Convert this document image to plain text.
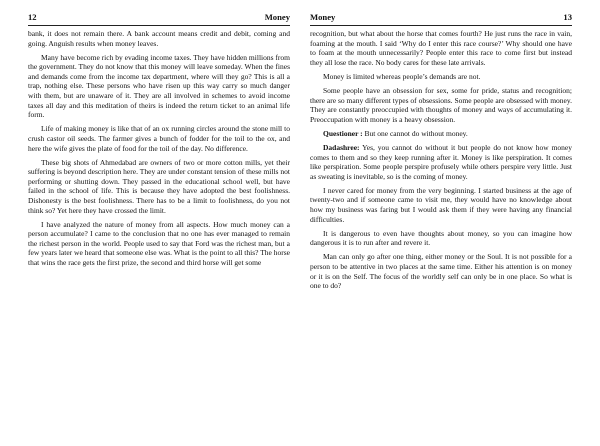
12	Money

bank, it does not remain there. A bank account means credit and debit, coming and going. Anguish results when money leaves.

Many have become rich by evading income taxes. They have hidden millions from the government. They do not know that this money will leave someday. When the fines and demands come from the income tax department, where will they go? This is all a trap, nothing else. These persons who have risen up this way carry so much danger with them, but are unaware of it. They are all involved in schemes to avoid income taxes all day and this meditation of theirs is indeed the return ticket to an animal life form.

Life of making money is like that of an ox running circles around the stone mill to crush castor oil seeds. The farmer gives a bunch of fodder for the toil to the ox, and here the wife gives the plate of food for the toil of the day. No difference.

These big shots of Ahmedabad are owners of two or more cotton mills, yet their suffering is beyond description here. They are under constant tension of these mills not performing or shutting down. They passed in the educational school well, but have failed in the school of life. This is because they have adopted the best foolishness. Dishonesty is the best foolishness. There has to be a limit to foolishness, do you not think so? Yet here they have crossed the limit.

I have analyzed the nature of money from all aspects. How much money can a person accumulate? I came to the conclusion that no one has ever managed to remain the richest person in the world. People used to say that Ford was the richest man, but a few years later we heard that someone else was. What is the point to all this? The horse that wins the race gets the first prize, the second and third horse will get some

Money	13

recognition, but what about the horse that comes fourth? He just runs the race in vain, foaming at the mouth. I said ‘Why do I enter this race course?’ Why should one have to foam at the mouth unnecessarily? People enter this race to come first but instead they all lose the race. No body cares for these late arrivals.

Money is limited whereas people’s demands are not.

Some people have an obsession for sex, some for pride, status and recognition; there are so many different types of obsessions. Some people are obsessed with money. They are constantly preoccupied with thoughts of money and ways of accumulating it. Preoccupation with money is a heavy obsession.

Questioner : But one cannot do without money.

Dadashree: Yes, you cannot do without it but people do not know how money comes to them and so they keep running after it. Money is like perspiration. It comes like perspiration. Some people perspire profusely while others perspire very little. Just as sweating is inevitable, so is the coming of money.

I never cared for money from the very beginning. I started business at the age of twenty-two and if someone came to visit me, they would have no knowledge about how my business was faring but I would ask them if they were having any financial difficulties.

It is dangerous to even have thoughts about money, so you can imagine how dangerous it is to run after and revere it.

Man can only go after one thing, either money or the Soul. It is not possible for a person to be attentive in two places at the same time. Either his attention is on money or it is on the Self. The focus of the worldly self can only be in one place. So what is one to do?
